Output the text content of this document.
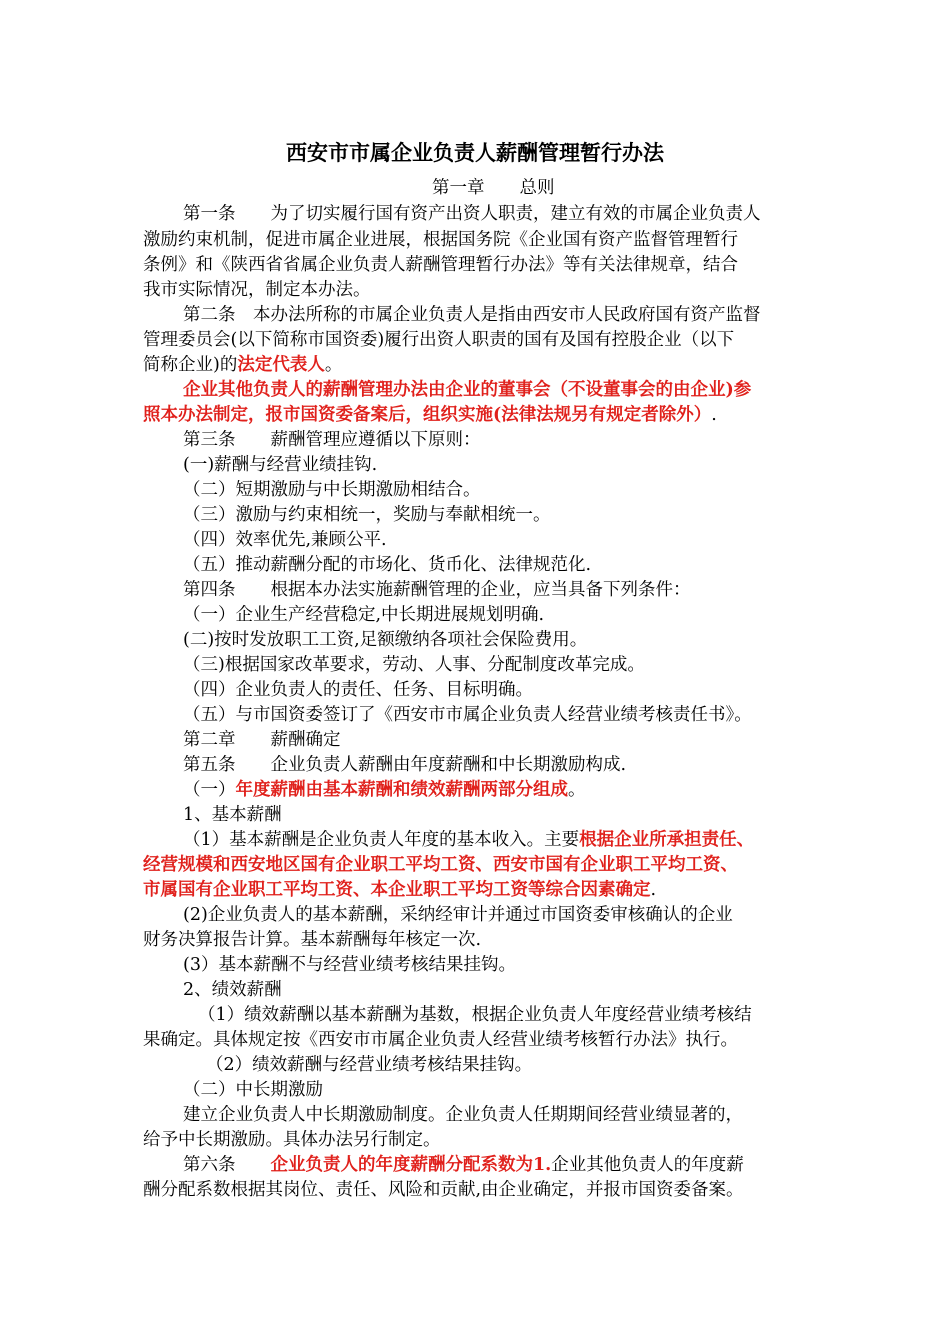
西安市市属企业负责人薪酬管理暂行办法
第一章　　总则
第一条　　为了切实履行国有资产出资人职责，建立有效的市属企业负责人
激励约束机制，促进市属企业进展，根据国务院《企业国有资产监督管理暂行
条例》和《陕西省省属企业负责人薪酬管理暂行办法》等有关法律规章，结合
我市实际情况，制定本办法。
第二条　本办法所称的市属企业负责人是指由西安市人民政府国有资产监督
管理委员会(以下简称市国资委)履行出资人职责的国有及国有控股企业（以下
简称企业)的法定代表人。
企业其他负责人的薪酬管理办法由企业的董事会（不设董事会的由企业)参
照本办法制定，报市国资委备案后，组织实施(法律法规另有规定者除外）.
第三条　　薪酬管理应遵循以下原则：
(一)薪酬与经营业绩挂钩.
（二）短期激励与中长期激励相结合。
（三）激励与约束相统一，奖励与奉献相统一。
（四）效率优先,兼顾公平.
（五）推动薪酬分配的市场化、货币化、法律规范化.
第四条　　根据本办法实施薪酬管理的企业，应当具备下列条件：
（一）企业生产经营稳定,中长期进展规划明确.
(二)按时发放职工工资,足额缴纳各项社会保险费用。
（三)根据国家改革要求，劳动、人事、分配制度改革完成。
（四）企业负责人的责任、任务、目标明确。
（五）与市国资委签订了《西安市市属企业负责人经营业绩考核责任书》。
第二章　　薪酬确定
第五条　　企业负责人薪酬由年度薪酬和中长期激励构成.
（一）年度薪酬由基本薪酬和绩效薪酬两部分组成。
1、基本薪酬
（1）基本薪酬是企业负责人年度的基本收入。主要根据企业所承担责任、
经营规模和西安地区国有企业职工平均工资、西安市国有企业职工平均工资、
市属国有企业职工平均工资、本企业职工平均工资等综合因素确定.
(2)企业负责人的基本薪酬，采纳经审计并通过市国资委审核确认的企业
财务决算报告计算。基本薪酬每年核定一次.
(3）基本薪酬不与经营业绩考核结果挂钩。
2、绩效薪酬
（1）绩效薪酬以基本薪酬为基数，根据企业负责人年度经营业绩考核结
果确定。具体规定按《西安市市属企业负责人经营业绩考核暂行办法》执行。
（2）绩效薪酬与经营业绩考核结果挂钩。
（二）中长期激励
建立企业负责人中长期激励制度。企业负责人任期期间经营业绩显著的，
给予中长期激励。具体办法另行制定。
第六条　　企业负责人的年度薪酬分配系数为1.企业其他负责人的年度薪
酬分配系数根据其岗位、责任、风险和贡献,由企业确定，并报市国资委备案。
